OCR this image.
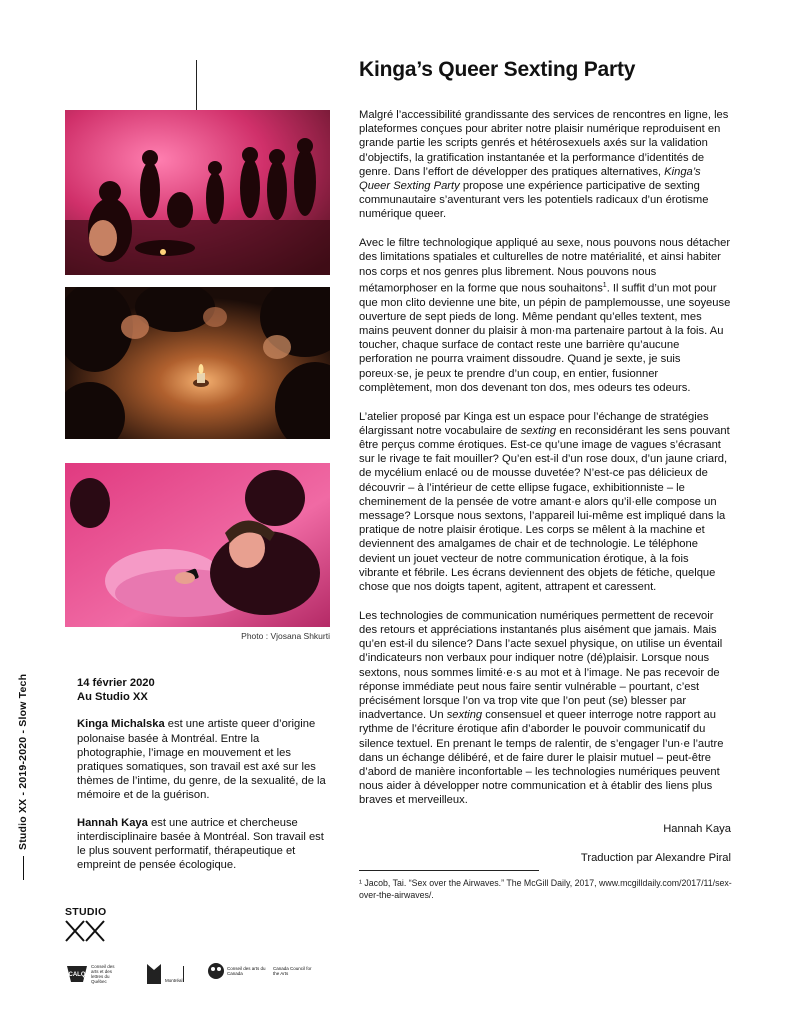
Kinga’s Queer Sexting Party
Photo : Vjosana Shkurti
Studio XX - 2019-2020 - Slow Tech	14 février 2020
Au Studio XX

Kinga Michalska est une artiste queer d’origine polonaise basée à Montréal. Entre la photographie, l’image en mouvement et les pratiques somatiques, son travail est axé sur les thèmes de l’intime, du genre, de la sexualité, de la mémoire et de la guérison.

Hannah Kaya est une autrice et chercheuse interdisciplinaire basée à Montréal. Son travail est le plus souvent performatif, thérapeutique et empreint de pensée écologique.

Malgré l’accessibilité grandissante des services de rencontres en ligne, les plateformes conçues pour abriter notre plaisir numérique reproduisent en grande partie les scripts genrés et hétérosexuels axés sur la validation d’objectifs, la gratification instantanée et la performance d’identités de genre. Dans l’effort de développer des pratiques alternatives, Kinga’s Queer Sexting Party propose une expérience participative de sexting communautaire s’aventurant vers les potentiels radicaux d’un érotisme numérique queer.

Avec le filtre technologique appliqué au sexe, nous pouvons nous détacher des limitations spatiales et culturelles de notre matérialité, et ainsi habiter nos corps et nos genres plus librement. Nous pouvons nous métamorphoser en la forme que nous souhaitons$^1$. Il suffit d’un mot pour que mon clito devienne une bite, un pépin de pamplemousse, une soyeuse ouverture de sept pieds de long. Même pendant qu’elles textent, mes mains peuvent donner du plaisir à mon·ma partenaire partout à la fois. Au toucher, chaque surface de contact reste une barrière qu’aucune perforation ne pourra vraiment dissoudre. Quand je sexte, je suis poreux·se, je peux te prendre d’un coup, en entier, fusionner complètement, mon dos devenant ton dos, mes odeurs tes odeurs.

L’atelier proposé par Kinga est un espace pour l’échange de stratégies élargissant notre vocabulaire de sexting en reconsidérant les sens pouvant être perçus comme érotiques. Est-ce qu’une image de vagues s’écrasant sur le rivage te fait mouiller? Qu’en est-il d’un rose doux, d’un jaune criard, de mycélium enlacé ou de mousse duvetée? N’est-ce pas délicieux de découvrir – à l’intérieur de cette ellipse fugace, exhibitionniste – le cheminement de la pensée de votre amant·e alors qu’il·elle compose un message? Lorsque nous sextons, l’appareil lui-même est impliqué dans la pratique de notre plaisir érotique. Les corps se mêlent à la machine et deviennent des amalgames de chair et de technologie. Le téléphone devient un jouet vecteur de notre communication érotique, à la fois vibrante et fébrile. Les écrans deviennent des objets de fétiche, quelque chose que nos doigts tapent, agitent, attrapent et caressent.

Les technologies de communication numériques permettent de recevoir des retours et appréciations instantanés plus aisément que jamais. Mais qu’en est-il du silence? Dans l’acte sexuel physique, on utilise un éventail d’indicateurs non verbaux pour indiquer notre (dé)plaisir. Lorsque nous sextons, nous sommes limité·e·s au mot et à l’image. Ne pas recevoir de réponse immédiate peut nous faire sentir vulnérable – pourtant, c’est précisément lorsque l’on va trop vite que l’on peut (se) blesser par inadvertance. Un sexting consensuel et queer interroge notre rapport au rythme de l’écriture érotique afin d’aborder le pouvoir communicatif du silence textuel. En prenant le temps de ralentir, de s’engager l’un·e l’autre dans un échange délibéré, et de faire durer le plaisir mutuel – peut-être d’abord de manière inconfortable – les technologies numériques peuvent nous aider à développer notre communication et à établir des liens plus braves et merveilleux.

Hannah Kaya

Traduction par Alexandre Piral

¹ Jacob, Tai. “Sex over the Airwaves.” The McGill Daily, 2017, www.mcgilldaily.com/2017/11/sex-over-the-airwaves/.
STUDIO
CALQ
Conseil des arts et des lettres du Québec	Montréal
Conseil des arts du Canada
Canada Council for the Arts
